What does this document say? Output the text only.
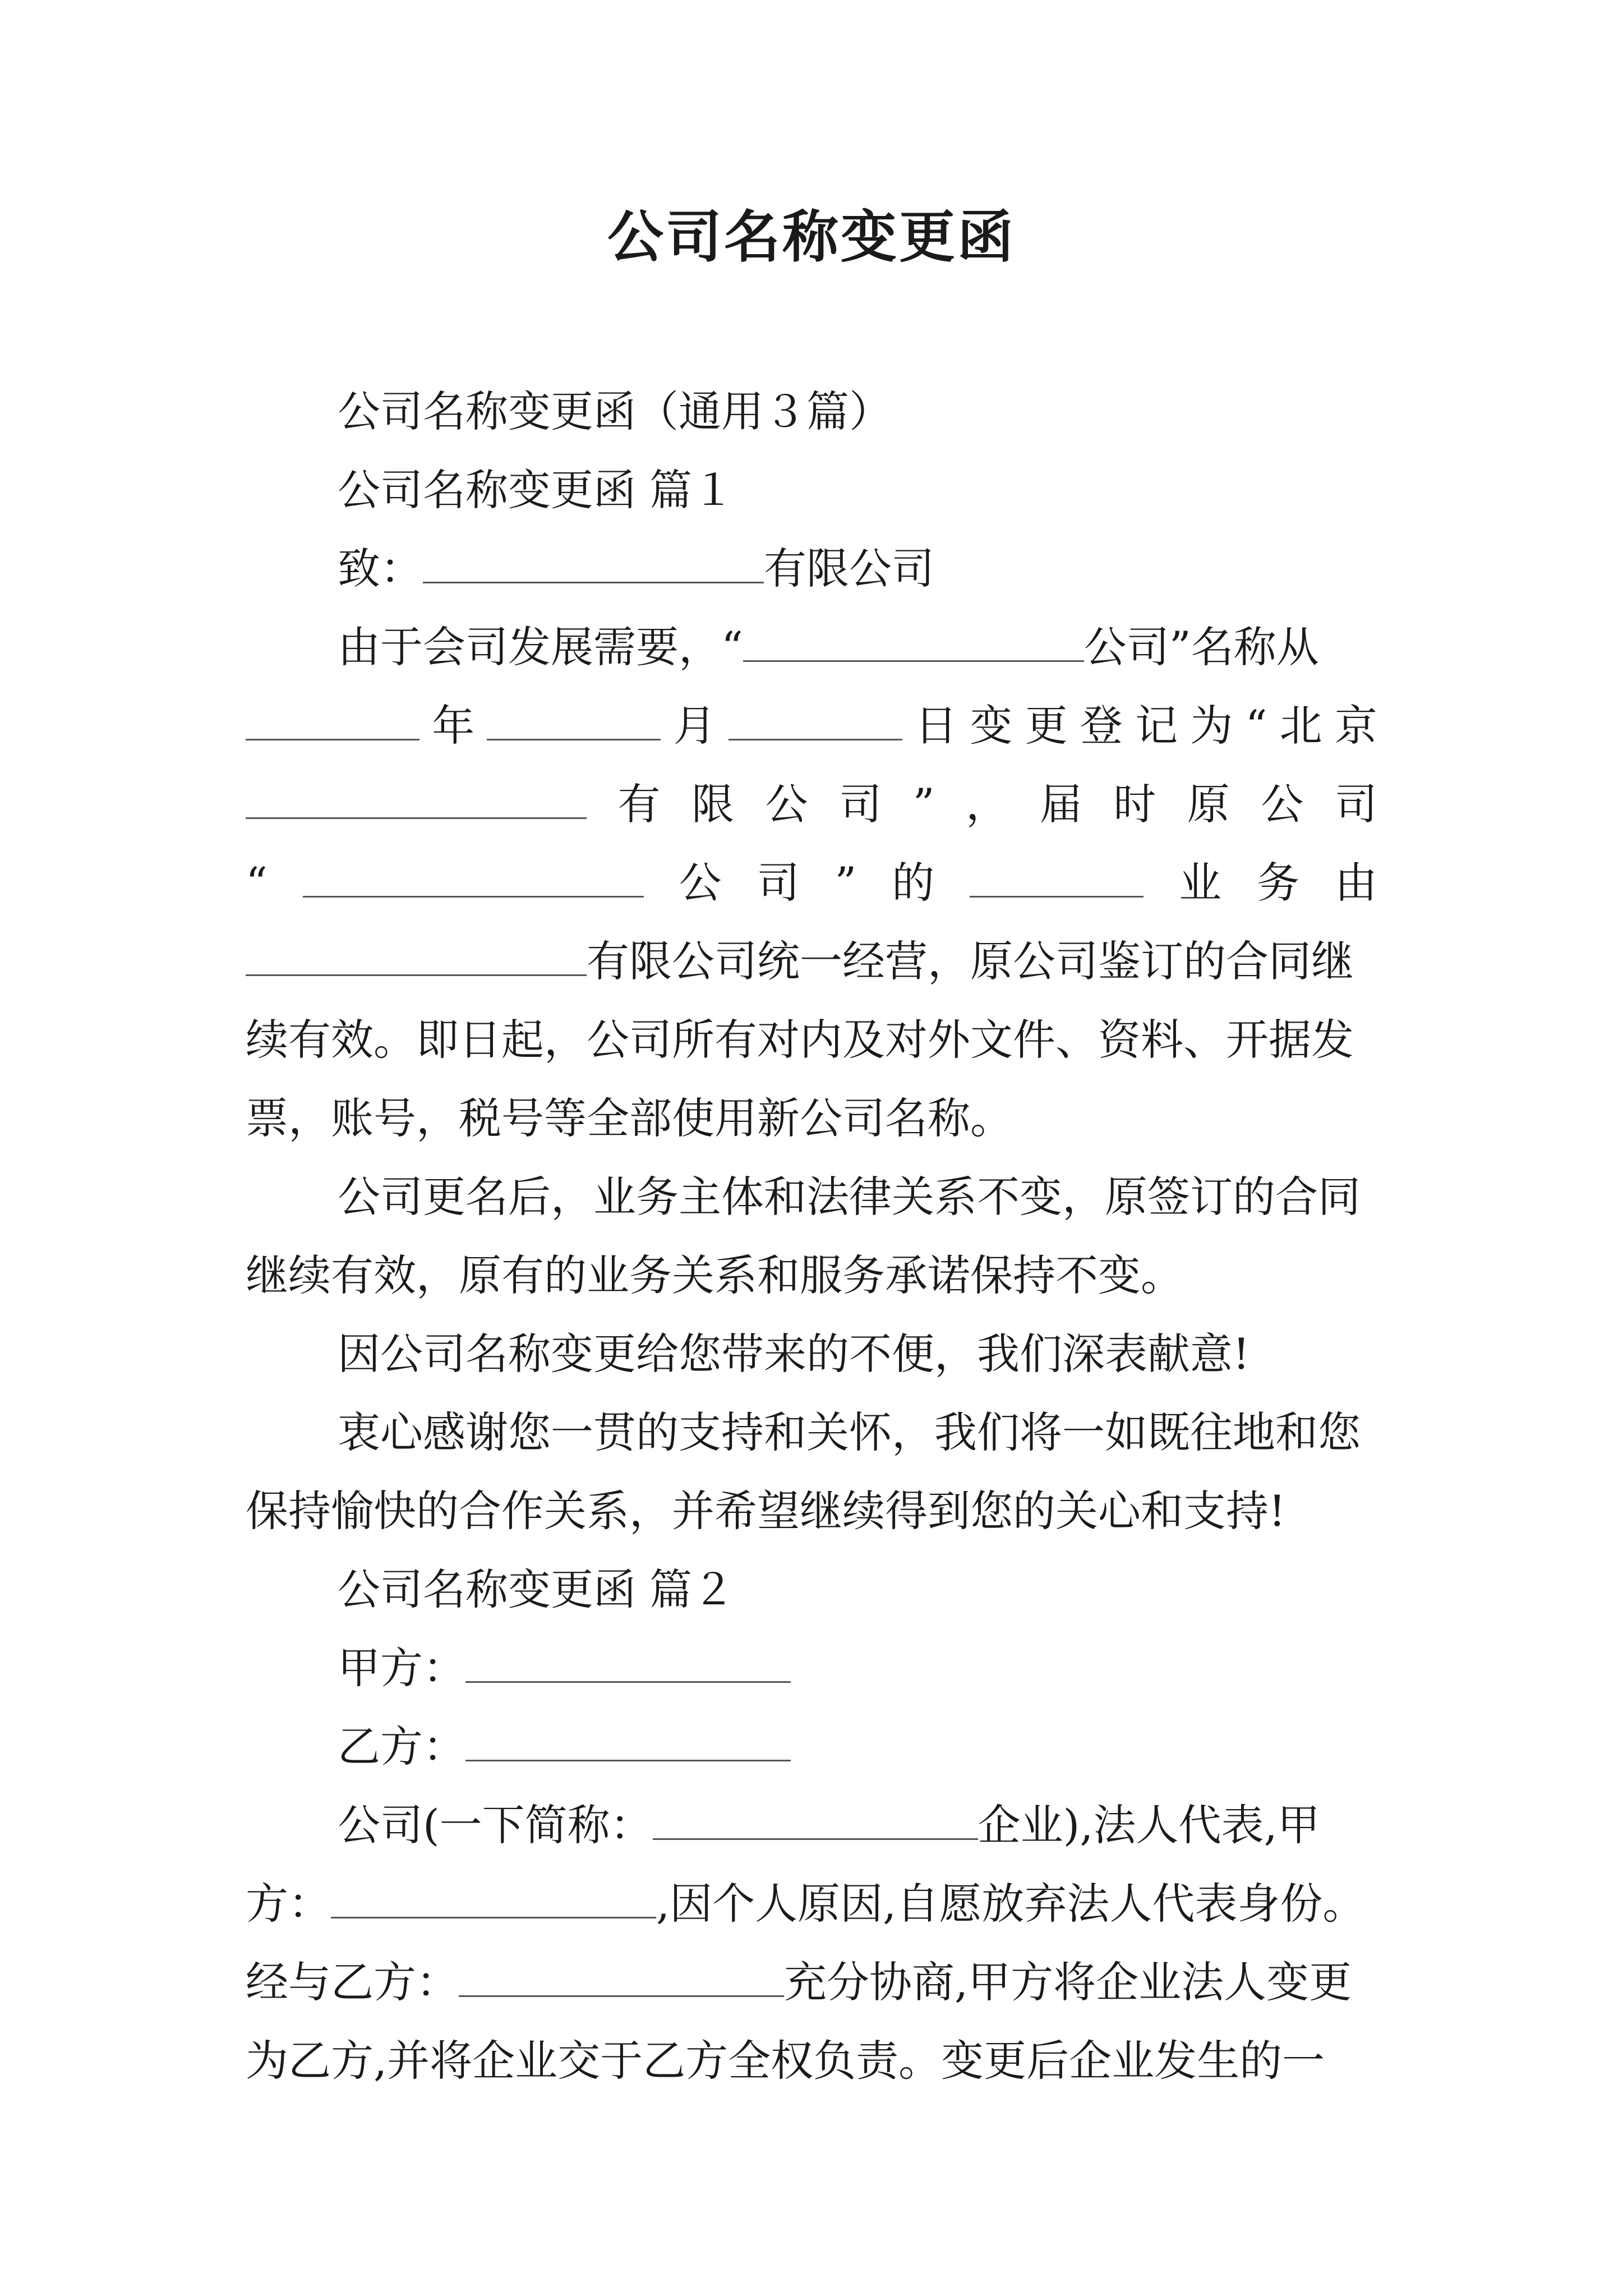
公司名称变更函
公司名称变更函（通用３篇）
公司名称变更函 篇１
致：	有限公司
由于会司发展需要，“	公司”名称从
年	月	日 变 更 登 记 为 “ 北 京
有 限 公 司 ” ， 届 时 原 公 司
“	公 司 ” 的	业 务 由
有限公司统一经营，原公司鉴订的合同继
续有效。即日起，公司所有对内及对外文件、资料、开据发
票，账号，税号等全部使用新公司名称。
公司更名后，业务主体和法律关系不变，原签订的合同
继续有效，原有的业务关系和服务承诺保持不变。
因公司名称变更给您带来的不便，我们深表献意!
衷心感谢您一贯的支持和关怀，我们将一如既往地和您
保持愉快的合作关系，并希望继续得到您的关心和支持!
公司名称变更函 篇２
甲方：
乙方：
公司(一下简称：	企业),法人代表,甲
方：	,因个人原因,自愿放弃法人代表身份。
经与乙方：	充分协商,甲方将企业法人变更
为乙方,并将企业交于乙方全权负责。变更后企业发生的一
